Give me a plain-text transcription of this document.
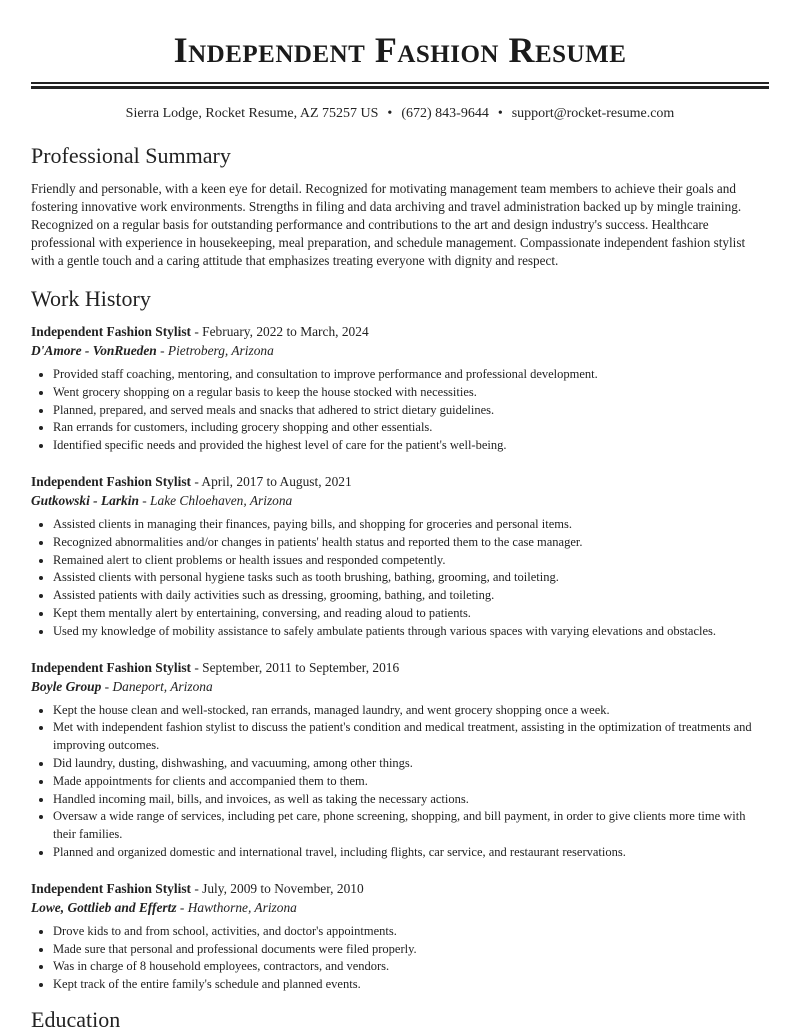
Independent Fashion Resume
Sierra Lodge, Rocket Resume, AZ 75257 US • (672) 843-9644 • support@rocket-resume.com
Professional Summary

Friendly and personable, with a keen eye for detail. Recognized for motivating management team members to achieve their goals and fostering innovative work environments. Strengths in filing and data archiving and travel administration backed up by mingle training. Recognized on a regular basis for outstanding performance and contributions to the art and design industry's success. Healthcare professional with experience in housekeeping, meal preparation, and schedule management. Compassionate independent fashion stylist with a gentle touch and a caring attitude that emphasizes treating everyone with dignity and respect.

Work History
Independent Fashion Stylist - February, 2022 to March, 2024
D'Amore - VonRueden - Pietroberg, Arizona
• Provided staff coaching, mentoring, and consultation to improve performance and professional development.
• Went grocery shopping on a regular basis to keep the house stocked with necessities.
• Planned, prepared, and served meals and snacks that adhered to strict dietary guidelines.
• Ran errands for customers, including grocery shopping and other essentials.
• Identified specific needs and provided the highest level of care for the patient's well-being.
Independent Fashion Stylist - April, 2017 to August, 2021
Gutkowski - Larkin - Lake Chloehaven, Arizona
• Assisted clients in managing their finances, paying bills, and shopping for groceries and personal items.
• Recognized abnormalities and/or changes in patients' health status and reported them to the case manager.
• Remained alert to client problems or health issues and responded competently.
• Assisted clients with personal hygiene tasks such as tooth brushing, bathing, grooming, and toileting.
• Assisted patients with daily activities such as dressing, grooming, bathing, and toileting.
• Kept them mentally alert by entertaining, conversing, and reading aloud to patients.
• Used my knowledge of mobility assistance to safely ambulate patients through various spaces with varying elevations and obstacles.
Independent Fashion Stylist - September, 2011 to September, 2016
Boyle Group - Daneport, Arizona
• Kept the house clean and well-stocked, ran errands, managed laundry, and went grocery shopping once a week.
• Met with independent fashion stylist to discuss the patient's condition and medical treatment, assisting in the optimization of treatments and improving outcomes.
• Did laundry, dusting, dishwashing, and vacuuming, among other things.
• Made appointments for clients and accompanied them to them.
• Handled incoming mail, bills, and invoices, as well as taking the necessary actions.
• Oversaw a wide range of services, including pet care, phone screening, shopping, and bill payment, in order to give clients more time with their families.
• Planned and organized domestic and international travel, including flights, car service, and restaurant reservations.
Independent Fashion Stylist - July, 2009 to November, 2010
Lowe, Gottlieb and Effertz - Hawthorne, Arizona
• Drove kids to and from school, activities, and doctor's appointments.
• Made sure that personal and professional documents were filed properly.
• Was in charge of 8 household employees, contractors, and vendors.
• Kept track of the entire family's schedule and planned events.
Education
